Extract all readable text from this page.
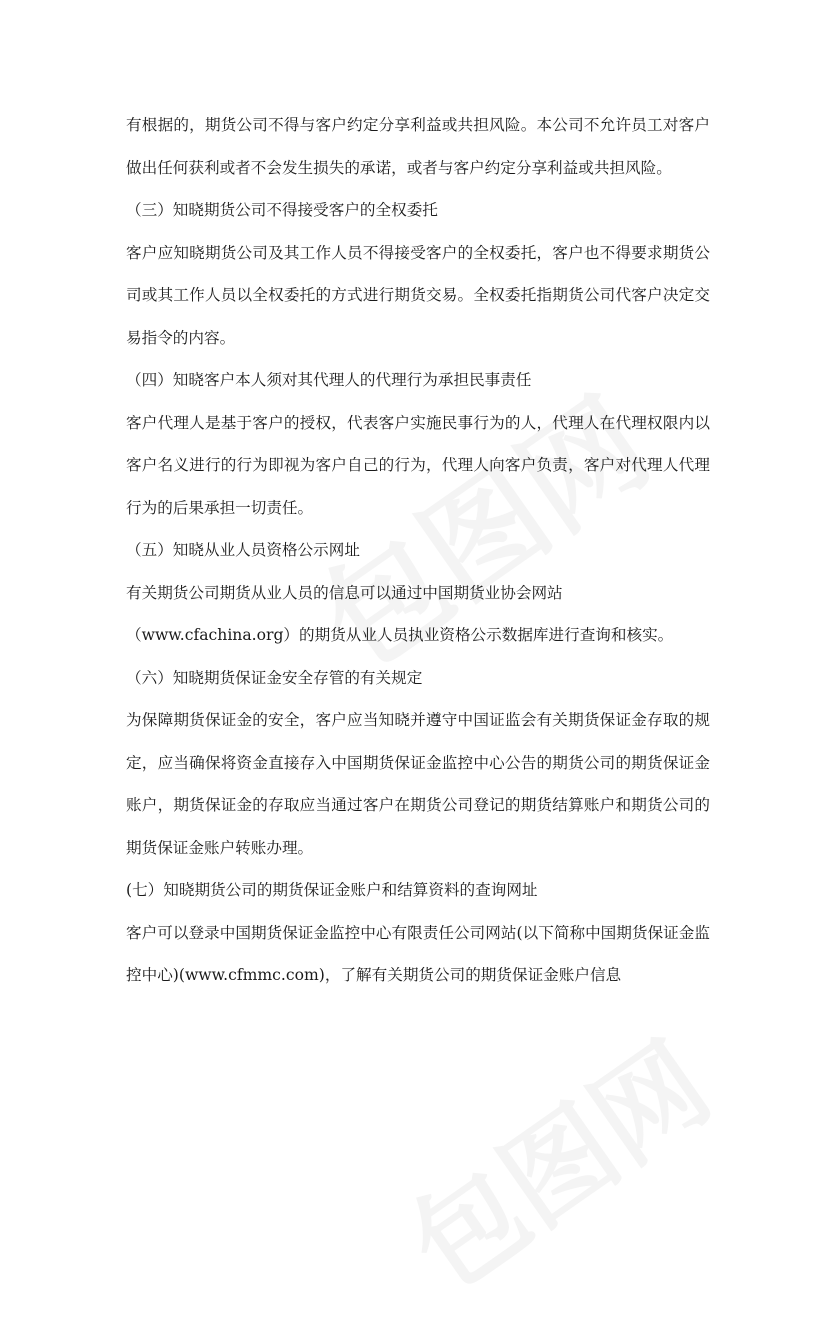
有根据的，期货公司不得与客户约定分享利益或共担风险。本公司不允许员工对客户做出任何获利或者不会发生损失的承诺，或者与客户约定分享利益或共担风险。

（三）知晓期货公司不得接受客户的全权委托

客户应知晓期货公司及其工作人员不得接受客户的全权委托，客户也不得要求期货公司或其工作人员以全权委托的方式进行期货交易。全权委托指期货公司代客户决定交易指令的内容。

（四）知晓客户本人须对其代理人的代理行为承担民事责任

客户代理人是基于客户的授权，代表客户实施民事行为的人，代理人在代理权限内以客户名义进行的行为即视为客户自己的行为，代理人向客户负责，客户对代理人代理行为的后果承担一切责任。

（五）知晓从业人员资格公示网址

有关期货公司期货从业人员的信息可以通过中国期货业协会网站

（www.cfachina.org）的期货从业人员执业资格公示数据库进行查询和核实。

（六）知晓期货保证金安全存管的有关规定

为保障期货保证金的安全，客户应当知晓并遵守中国证监会有关期货保证金存取的规定，应当确保将资金直接存入中国期货保证金监控中心公告的期货公司的期货保证金账户，期货保证金的存取应当通过客户在期货公司登记的期货结算账户和期货公司的期货保证金账户转账办理。

(七）知晓期货公司的期货保证金账户和结算资料的查询网址

客户可以登录中国期货保证金监控中心有限责任公司网站(以下简称中国期货保证金监控中心)(www.cfmmc.com)，了解有关期货公司的期货保证金账户信息
